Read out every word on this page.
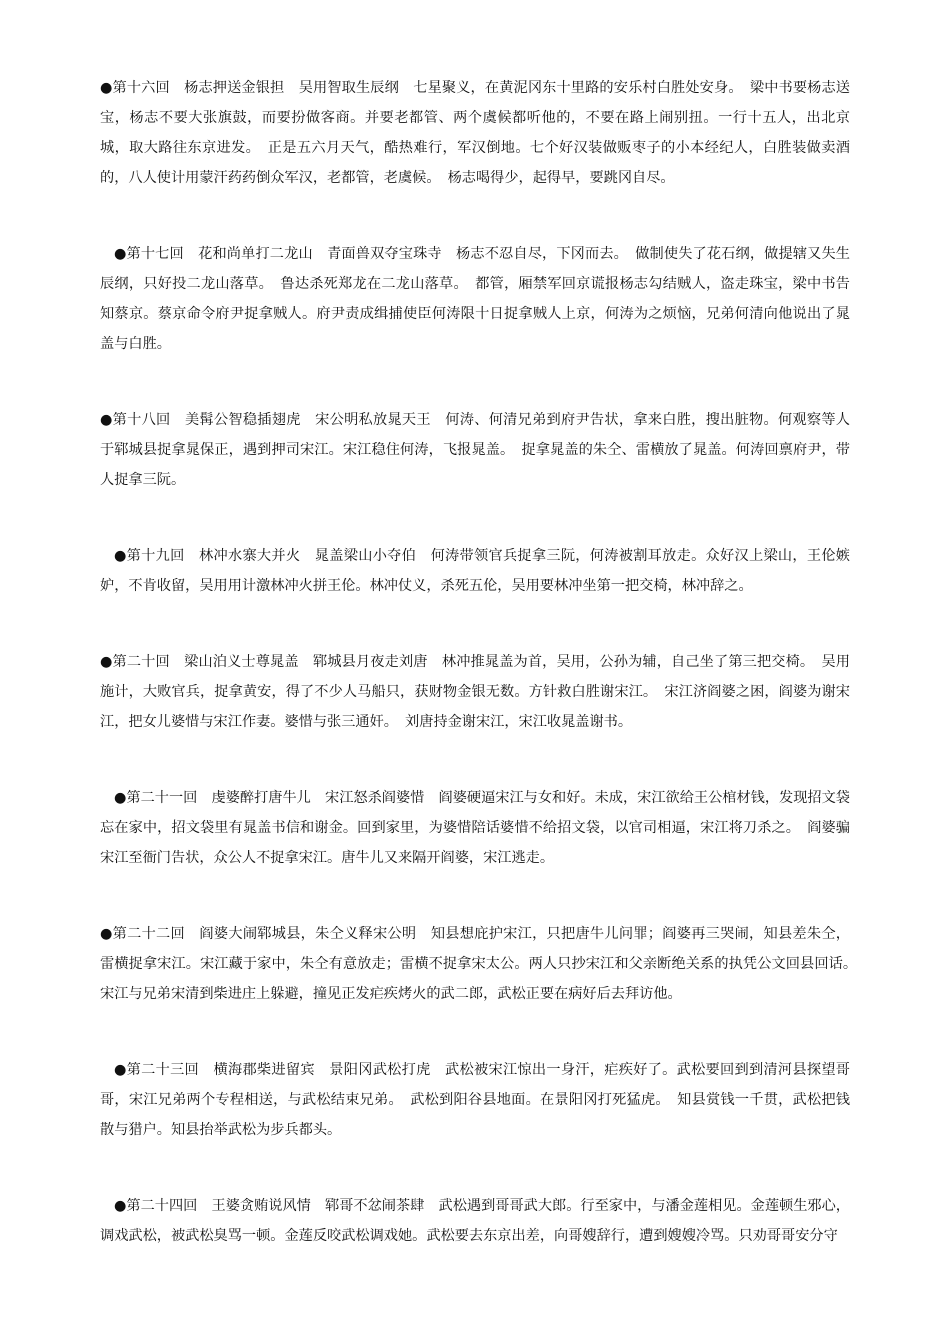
●第十六回　杨志押送金银担　吴用智取生辰纲　七星聚义，在黄泥冈东十里路的安乐村白胜处安身。　梁中书要杨志送宝，杨志不要大张旗鼓，而要扮做客商。并要老都管、两个虞候都听他的，不要在路上闹别扭。一行十五人，出北京城，取大路往东京进发。　正是五六月天气，酷热难行，军汉倒地。七个好汉装做贩枣子的小本经纪人，白胜装做卖酒的，八人使计用蒙汗药药倒众军汉，老都管，老虞候。　杨志喝得少，起得早，要跳冈自尽。

●第十七回　花和尚单打二龙山　青面兽双夺宝珠寺　杨志不忍自尽，下冈而去。　做制使失了花石纲，做提辖又失生辰纲，只好投二龙山落草。　鲁达杀死郑龙在二龙山落草。　都管，厢禁军回京谎报杨志勾结贼人，盗走珠宝，梁中书告知蔡京。蔡京命令府尹捉拿贼人。府尹责成缉捕使臣何涛限十日捉拿贼人上京，何涛为之烦恼，兄弟何清向他说出了晁盖与白胜。

●第十八回　美髯公智稳插翅虎　宋公明私放晁天王　何涛、何清兄弟到府尹告状，拿来白胜，搜出脏物。何观察等人于郓城县捉拿晁保正，遇到押司宋江。宋江稳住何涛，飞报晁盖。　捉拿晁盖的朱仝、雷横放了晁盖。何涛回禀府尹，带人捉拿三阮。

●第十九回　林冲水寨大并火　晁盖梁山小夺伯　何涛带领官兵捉拿三阮，何涛被割耳放走。众好汉上梁山，王伦嫉妒，不肯收留，吴用用计激林冲火拼王伦。林冲仗义，杀死五伦，吴用要林冲坐第一把交椅，林冲辞之。

●第二十回　梁山泊义士尊晁盖　郓城县月夜走刘唐　林冲推晁盖为首，吴用，公孙为辅，自己坐了第三把交椅。　吴用施计，大败官兵，捉拿黄安，得了不少人马船只，获财物金银无数。方针救白胜谢宋江。　宋江济阎婆之困，阎婆为谢宋江，把女儿婆惜与宋江作妻。婆惜与张三通奸。　刘唐持金谢宋江，宋江收晁盖谢书。

●第二十一回　虔婆醉打唐牛儿　宋江怒杀阎婆惜　阎婆硬逼宋江与女和好。未成，宋江欲给王公棺材钱，发现招文袋忘在家中，招文袋里有晁盖书信和谢金。回到家里，为婆惜陪话婆惜不给招文袋，以官司相逼，宋江将刀杀之。　阎婆骗宋江至衙门告状，众公人不捉拿宋江。唐牛儿又来隔开阎婆，宋江逃走。

●第二十二回　阎婆大闹郓城县，朱仝义释宋公明　知县想庇护宋江，只把唐牛儿问罪；阎婆再三哭闹，知县差朱仝，雷横捉拿宋江。宋江藏于家中，朱仝有意放走；雷横不捉拿宋太公。两人只抄宋江和父亲断绝关系的执凭公文回县回话。　宋江与兄弟宋清到柴进庄上躲避，撞见正发疟疾烤火的武二郎，武松正要在病好后去拜访他。

●第二十三回　横海郡柴进留宾　景阳冈武松打虎　武松被宋江惊出一身汗，疟疾好了。武松要回到到清河县探望哥哥，宋江兄弟两个专程相送，与武松结束兄弟。　武松到阳谷县地面。在景阳冈打死猛虎。　知县赏钱一千贯，武松把钱散与猎户。知县抬举武松为步兵都头。

●第二十四回　王婆贪贿说风情　郓哥不忿闹茶肆　武松遇到哥哥武大郎。行至家中，与潘金莲相见。金莲顿生邪心，调戏武松，被武松臭骂一顿。金莲反咬武松调戏她。武松要去东京出差，向哥嫂辞行，遭到嫂嫂冷骂。只劝哥哥安分守
